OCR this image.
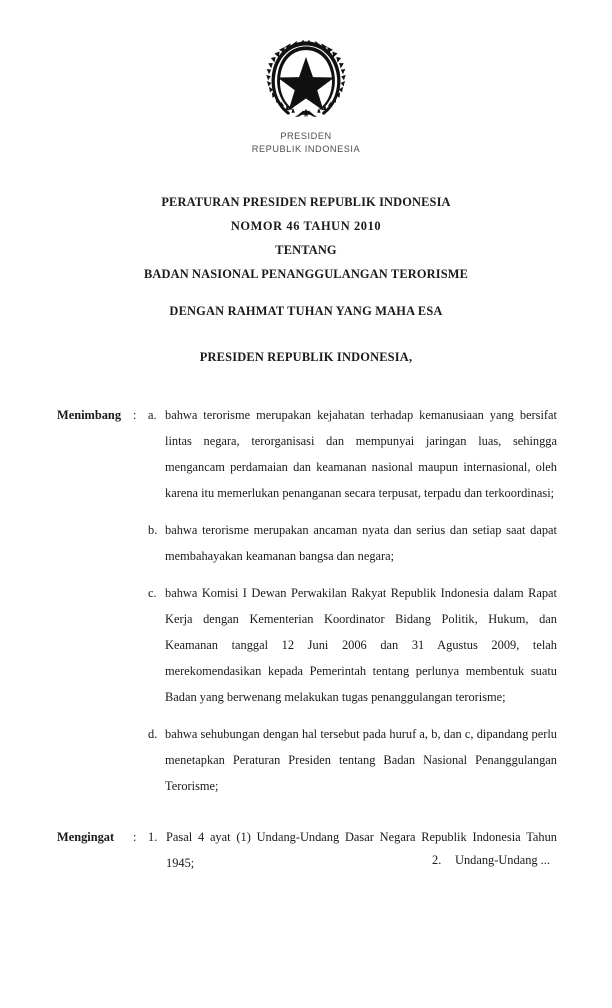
PRESIDEN
REPUBLIK INDONESIA
PERATURAN PRESIDEN REPUBLIK INDONESIA
NOMOR 46 TAHUN 2010
TENTANG
BADAN NASIONAL PENANGGULANGAN TERORISME
DENGAN RAHMAT TUHAN YANG MAHA ESA
PRESIDEN REPUBLIK INDONESIA,
Menimbang : a. bahwa terorisme merupakan kejahatan terhadap kemanusiaan yang bersifat lintas negara, terorganisasi dan mempunyai jaringan luas, sehingga mengancam perdamaian dan keamanan nasional maupun internasional, oleh karena itu memerlukan penanganan secara terpusat, terpadu dan terkoordinasi;
b. bahwa terorisme merupakan ancaman nyata dan serius dan setiap saat dapat membahayakan keamanan bangsa dan negara;
c. bahwa Komisi I Dewan Perwakilan Rakyat Republik Indonesia dalam Rapat Kerja dengan Kementerian Koordinator Bidang Politik, Hukum, dan Keamanan tanggal 12 Juni 2006 dan 31 Agustus 2009, telah merekomendasikan kepada Pemerintah tentang perlunya membentuk suatu Badan yang berwenang melakukan tugas penanggulangan terorisme;
d. bahwa sehubungan dengan hal tersebut pada huruf a, b, dan c, dipandang perlu menetapkan Peraturan Presiden tentang Badan Nasional Penanggulangan Terorisme;
Mengingat	: 1. Pasal 4 ayat (1) Undang-Undang Dasar Negara Republik Indonesia Tahun 1945;	2.	Undang-Undang ...
